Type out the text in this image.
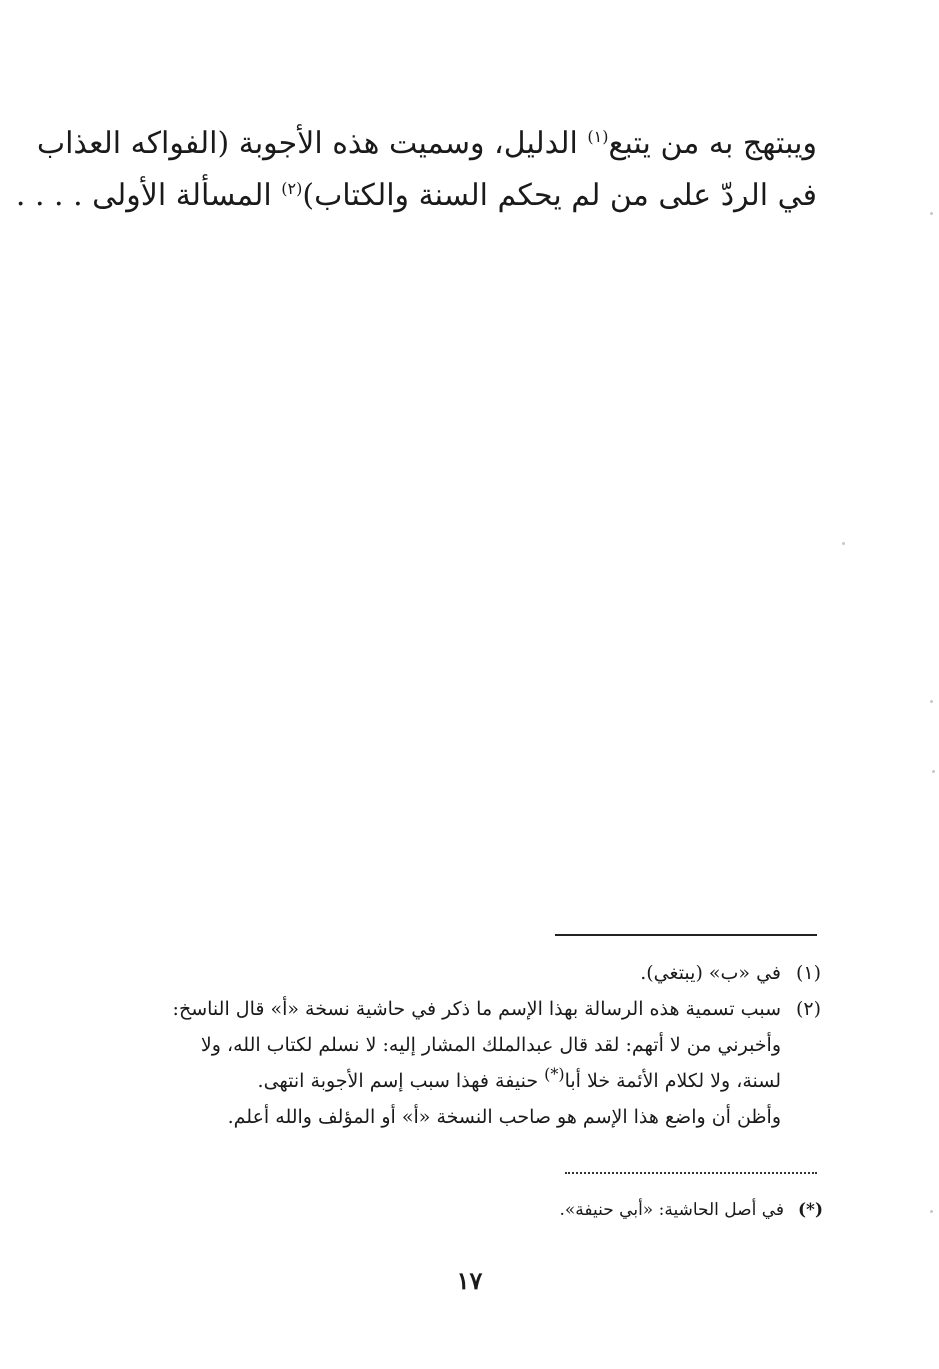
ويبتهج به من يتبع$^{(١)}$ الدليل، وسميت هذه الأجوبة (الفواكه العذاب
في الردّ على من لم يحكم السنة والكتاب)$^{(٢)}$ المسألة الأولى . . . .
(١)في «ب» (يبتغي).
(٢)سبب تسمية هذه الرسالة بهذا الإسم ما ذكر في حاشية نسخة «أ» قال الناسخ:
وأخبرني من لا أتهم: لقد قال عبدالملك المشار إليه: لا نسلم لكتاب الله، ولا
لسنة، ولا لكلام الأئمة خلا أبا(*) حنيفة فهذا سبب إسم الأجوبة انتهى.
وأظن أن واضع هذا الإسم هو صاحب النسخة «أ» أو المؤلف والله أعلم.
(*)في أصل الحاشية: «أبي حنيفة».
١٧
